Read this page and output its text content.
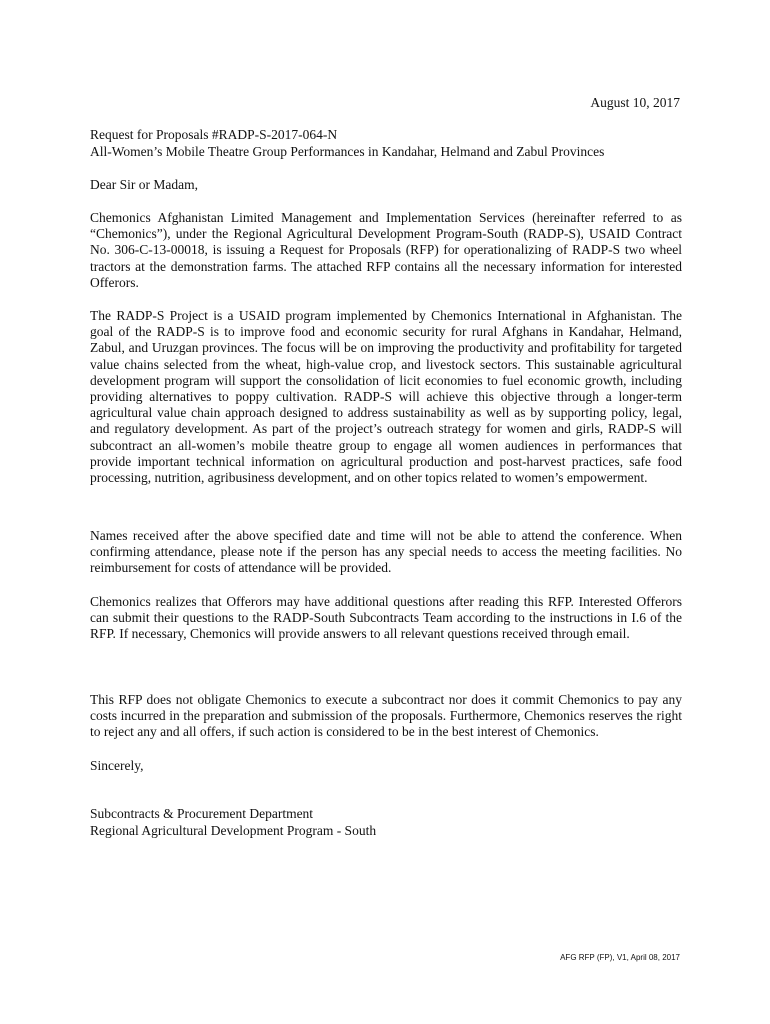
August 10, 2017
Request for Proposals #RADP-S-2017-064-N
All-Women’s Mobile Theatre Group Performances in Kandahar, Helmand and Zabul Provinces
Dear Sir or Madam,

Chemonics Afghanistan Limited Management and Implementation Services (hereinafter referred to as “Chemonics”), under the Regional Agricultural Development Program-South (RADP-S), USAID Contract No. 306-C-13-00018, is issuing a Request for Proposals (RFP) for operationalizing of RADP-S two wheel tractors at the demonstration farms. The attached RFP contains all the necessary information for interested Offerors.

The RADP-S Project is a USAID program implemented by Chemonics International in Afghanistan. The goal of the RADP-S is to improve food and economic security for rural Afghans in Kandahar, Helmand, Zabul, and Uruzgan provinces. The focus will be on improving the productivity and profitability for targeted value chains selected from the wheat, high-value crop, and livestock sectors. This sustainable agricultural development program will support the consolidation of licit economies to fuel economic growth, including providing alternatives to poppy cultivation. RADP-S will achieve this objective through a longer-term agricultural value chain approach designed to address sustainability as well as by supporting policy, legal, and regulatory development. As part of the project’s outreach strategy for women and girls, RADP-S will subcontract an all-women’s mobile theatre group to engage all women audiences in performances that provide important technical information on agricultural production and post-harvest practices, safe food processing, nutrition, agribusiness development, and on other topics related to women’s empowerment.

Names received after the above specified date and time will not be able to attend the conference. When confirming attendance, please note if the person has any special needs to access the meeting facilities. No reimbursement for costs of attendance will be provided.

Chemonics realizes that Offerors may have additional questions after reading this RFP. Interested Offerors can submit their questions to the RADP-South Subcontracts Team according to the instructions in I.6 of the RFP. If necessary, Chemonics will provide answers to all relevant questions received through email.

This RFP does not obligate Chemonics to execute a subcontract nor does it commit Chemonics to pay any costs incurred in the preparation and submission of the proposals. Furthermore, Chemonics reserves the right to reject any and all offers, if such action is considered to be in the best interest of Chemonics.

Sincerely,
Subcontracts & Procurement Department
Regional Agricultural Development Program - South
AFG RFP (FP), V1, April 08, 2017
